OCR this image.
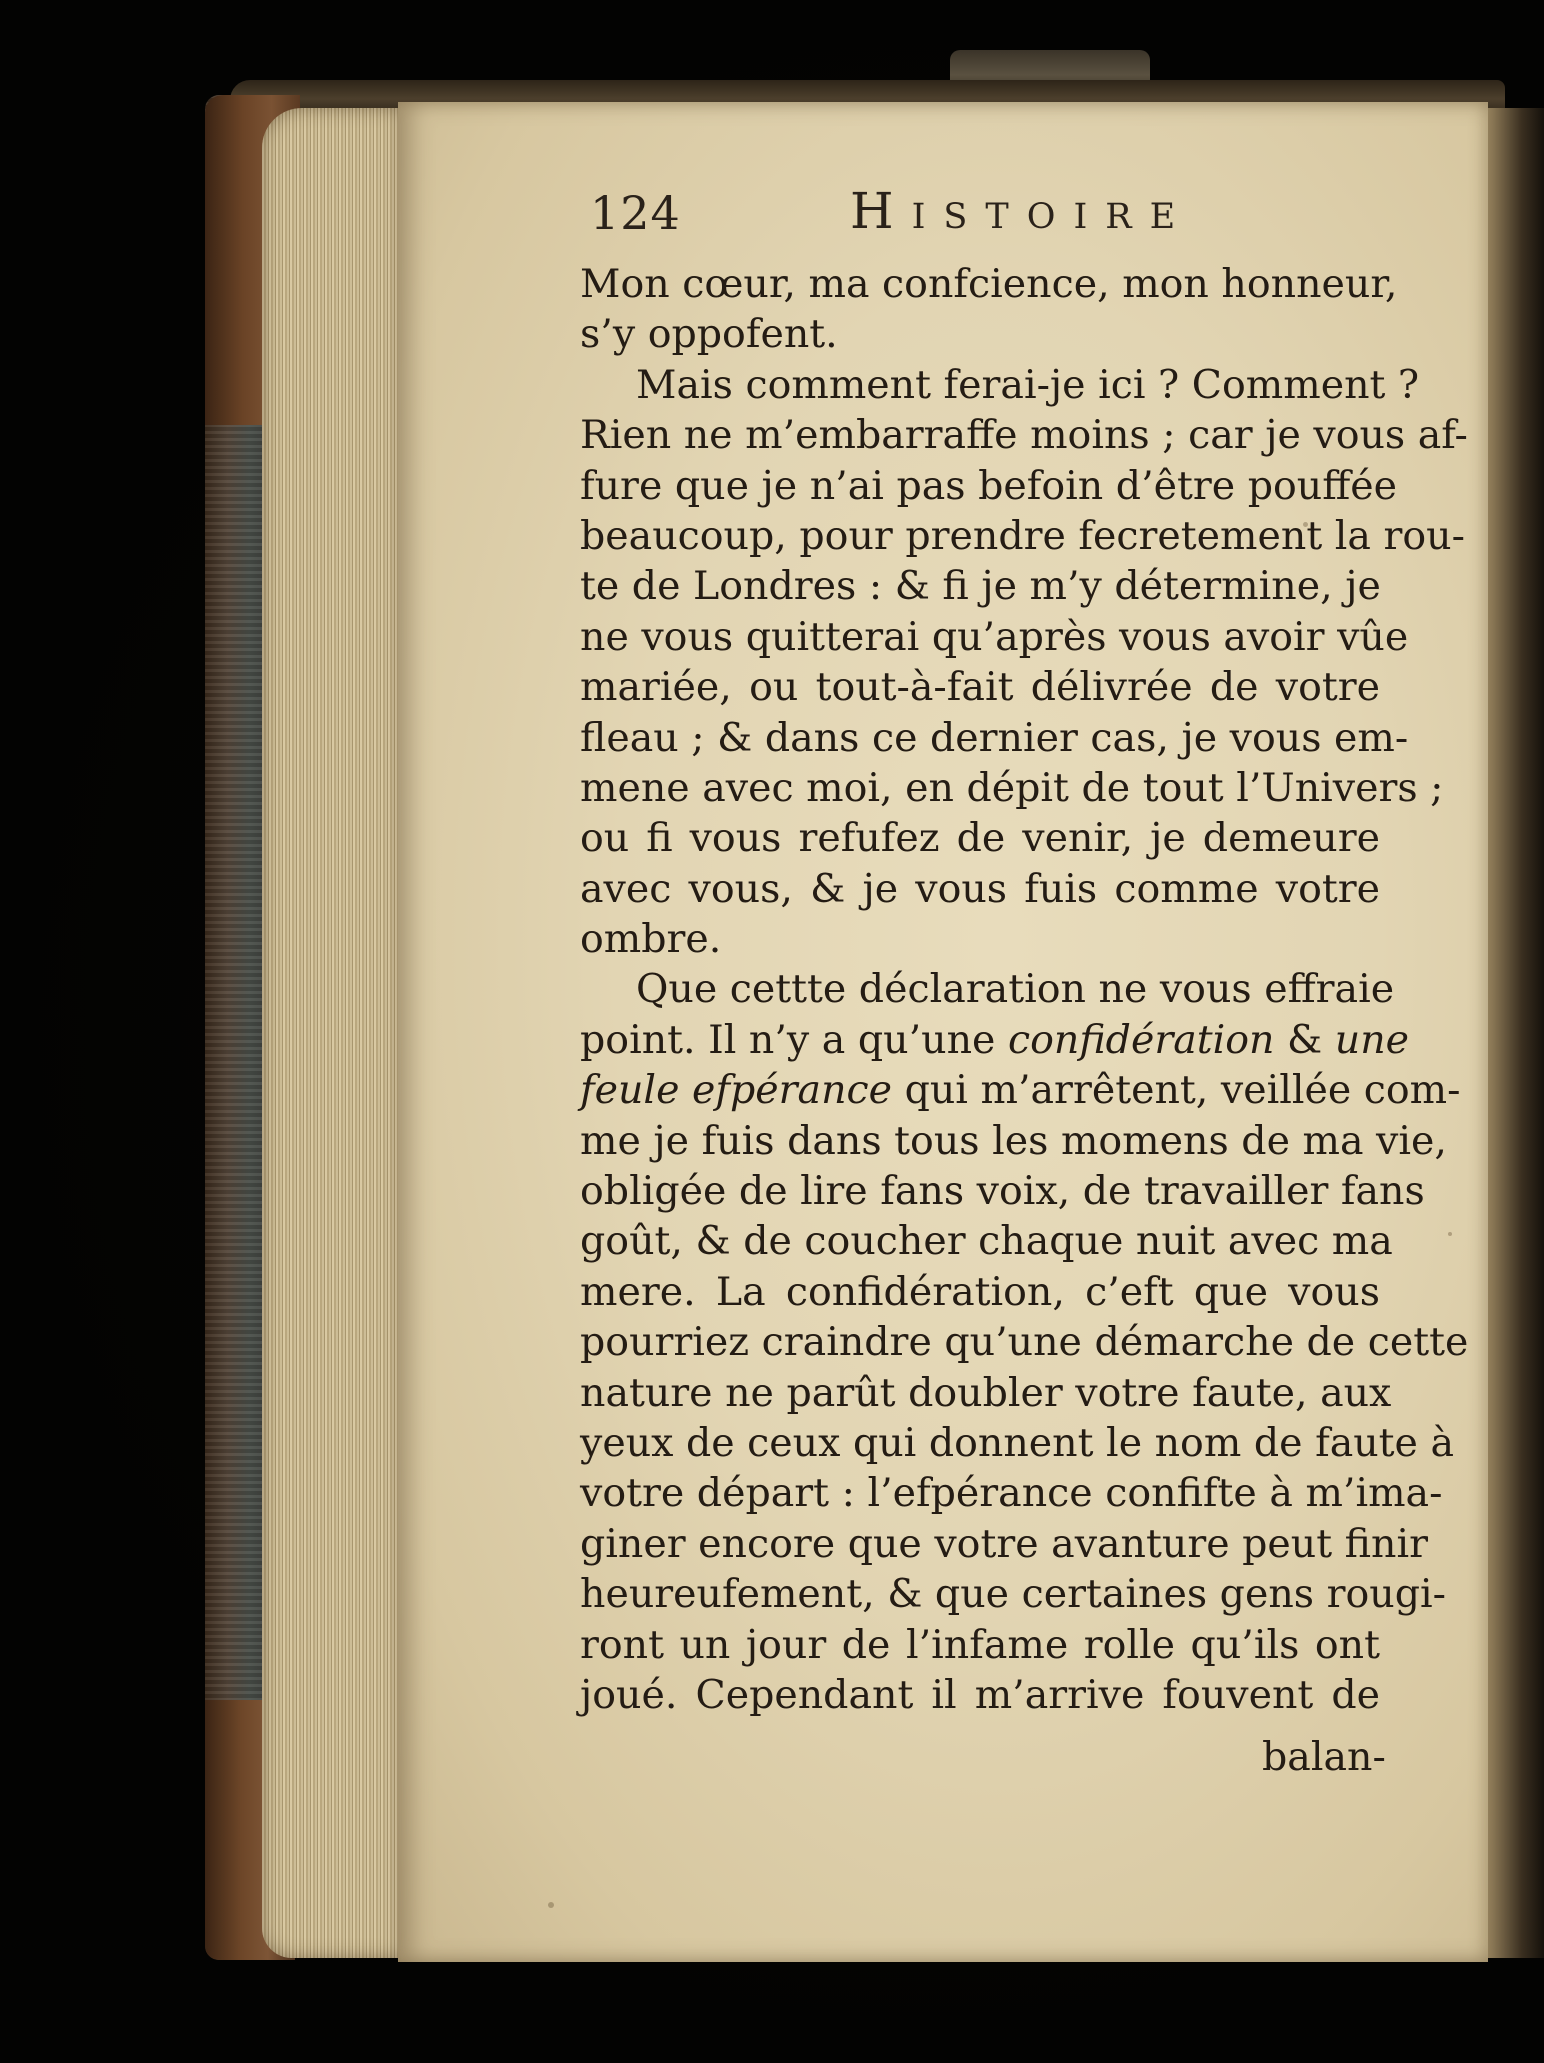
124	Histoire
Mon cœur, ma confcience, mon honneur,
s’y oppofent.
Mais comment ferai-je ici ? Comment ?
Rien ne m’embarraffe moins ; car je vous af-
fure que je n’ai pas befoin d’être pouffée
beaucoup, pour prendre fecretement la rou-
te de Londres : & fi je m’y détermine, je
ne vous quitterai qu’après vous avoir vûe
mariée, ou tout-à-fait délivrée de votre
fleau ; & dans ce dernier cas, je vous em-
mene avec moi, en dépit de tout l’Univers ;
ou fi vous refufez de venir, je demeure
avec vous, & je vous fuis comme votre
ombre.
Que cettte déclaration ne vous effraie
point. Il n’y a qu’une confidération & une
feule efpérance qui m’arrêtent, veillée com-
me je fuis dans tous les momens de ma vie,
obligée de lire fans voix, de travailler fans
goût, & de coucher chaque nuit avec ma
mere. La confidération, c’eft que vous
pourriez craindre qu’une démarche de cette
nature ne parût doubler votre faute, aux
yeux de ceux qui donnent le nom de faute à
votre départ : l’efpérance confifte à m’ima-
giner encore que votre avanture peut finir
heureufement, & que certaines gens rougi-
ront un jour de l’infame rolle qu’ils ont
joué. Cependant il m’arrive fouvent de
balan-
